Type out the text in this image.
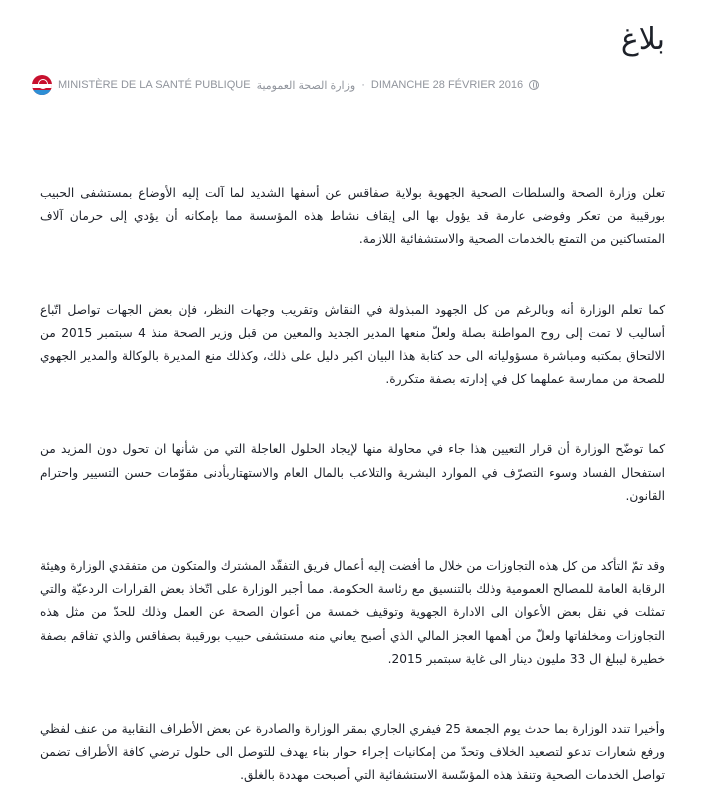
بلاغ
MINISTÈRE DE LA SANTÉ PUBLIQUE وزارة الصحة العمومية · DIMANCHE 28 FÉVRIER 2016

تعلن وزارة الصحة والسلطات الصحية الجهوية بولاية صفاقس عن أسفها الشديد لما آلت إليه الأوضاع بمستشفى الحبيب بورقيبة من تعكر وفوضى عارمة قد يؤول بها الى إيقاف نشاط هذه المؤسسة مما بإمكانه أن يؤدي إلى حرمان آلاف المتساكنين من التمتع بالخدمات الصحية والاستشفائية اللازمة.

كما تعلم الوزارة أنه وبالرغم من كل الجهود المبذولة في النقاش وتقريب وجهات النظر، فإن بعض الجهات تواصل اتّباع أساليب لا تمت إلى روح المواطنة بصلة ولعلّ منعها المدير الجديد والمعين من قبل وزير الصحة منذ 4 سبتمبر 2015 من الالتحاق بمكتبه ومباشرة مسؤولياته الى حد كتابة هذا البيان اكبر دليل على ذلك، وكذلك منع المديرة بالوكالة والمدير الجهوي للصحة من ممارسة عملهما كل في إدارته بصفة متكررة.

كما توضّح الوزارة أن قرار التعيين هذا جاء في محاولة منها لإيجاد الحلول العاجلة التي من شأنها ان تحول دون المزيد من استفحال الفساد وسوء التصرّف في الموارد البشرية والتلاعب بالمال العام والاستهتاربأدنى مقوّمات حسن التسيير واحترام القانون.

وقد تمّ التأكد من كل هذه التجاوزات من خلال ما أفضت إليه أعمال فريق التفقّد المشترك والمتكون من متفقدي الوزارة وهيئة الرقابة العامة للمصالح العمومية وذلك بالتنسيق مع رئاسة الحكومة. مما أجبر الوزارة على اتّخاذ بعض القرارات الردعيّة والتي تمثلت في نقل بعض الأعوان الى الادارة الجهوية وتوقيف خمسة من أعوان الصحة عن العمل وذلك للحدّ من مثل هذه التجاوزات ومخلفاتها ولعلّ من أهمها العجز المالي الذي أصبح يعاني منه مستشفى حبيب بورقيبة بصفاقس والذي تفاقم بصفة خطيرة ليبلغ ال 33 مليون دينار الى غاية سبتمبر 2015.

وأخيرا تندد الوزارة بما حدث يوم الجمعة 25 فيفري الجاري بمقر الوزارة والصادرة عن بعض الأطراف النقابية من عنف لفظي ورفع شعارات تدعو لتصعيد الخلاف وتحدّ من إمكانيات إجراء حوار بناء يهدف للتوصل الى حلول ترضي كافة الأطراف تضمن تواصل الخدمات الصحية وتنقذ هذه المؤسّسة الاستشفائية التي أصبحت مهددة بالغلق.
